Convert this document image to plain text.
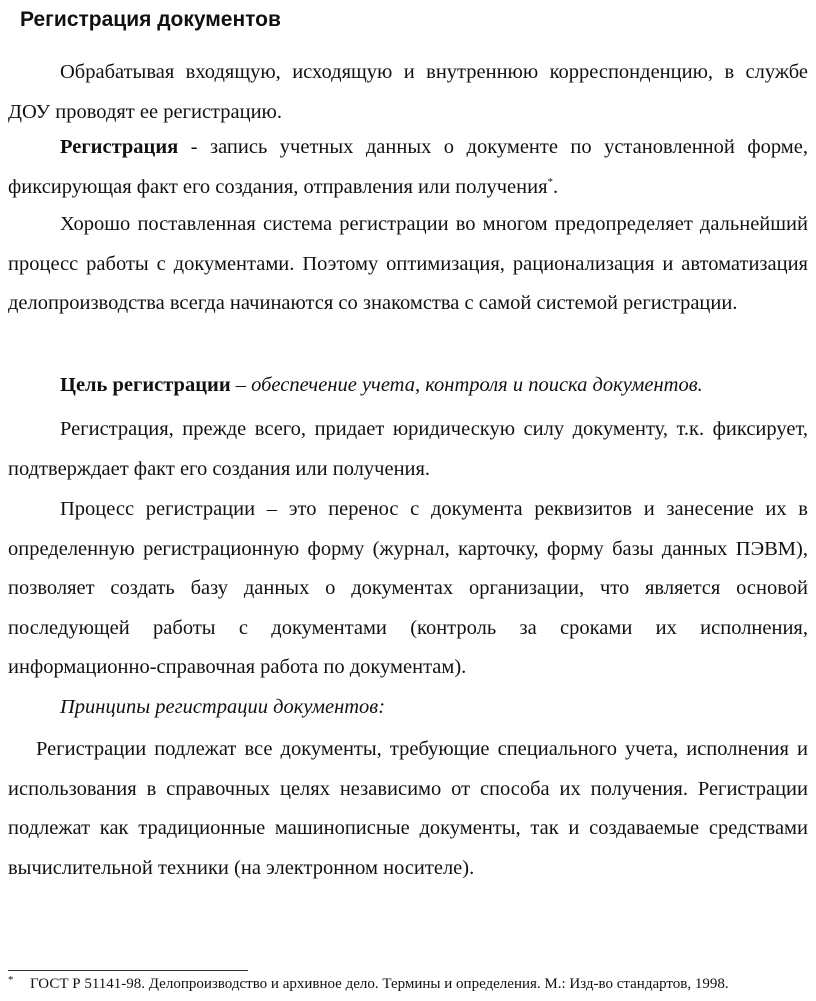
Регистрация документов

Обрабатывая входящую, исходящую и внутреннюю корреспонденцию, в службе ДОУ проводят ее регистрацию.

Регистрация - запись учетных данных о документе по установленной форме, фиксирующая факт его создания, отправления или получения*.

Хорошо поставленная система регистрации во многом предопределяет дальнейший процесс работы с документами. Поэтому оптимизация, рационализация и автоматизация делопроизводства всегда начинаются со знакомства с самой системой регистрации.

Цель регистрации – обеспечение учета, контроля и поиска документов.

Регистрация, прежде всего, придает юридическую силу документу, т.к. фиксирует, подтверждает факт его создания или получения.

Процесс регистрации – это перенос с документа реквизитов и занесение их в определенную регистрационную форму (журнал, карточку, форму базы данных ПЭВМ), позволяет создать базу данных о документах организации, что является основой последующей работы с документами (контроль за сроками их исполнения, информационно-справочная работа по документам).

Принципы регистрации документов:

Регистрации подлежат все документы, требующие специального учета, исполнения и использования в справочных целях независимо от способа их получения. Регистрации подлежат как традиционные машинописные документы, так и создаваемые средствами вычислительной техники (на электронном носителе).

*	ГОСТ Р 51141-98. Делопроизводство и архивное дело. Термины и определения. М.: Изд-во стандартов, 1998.
